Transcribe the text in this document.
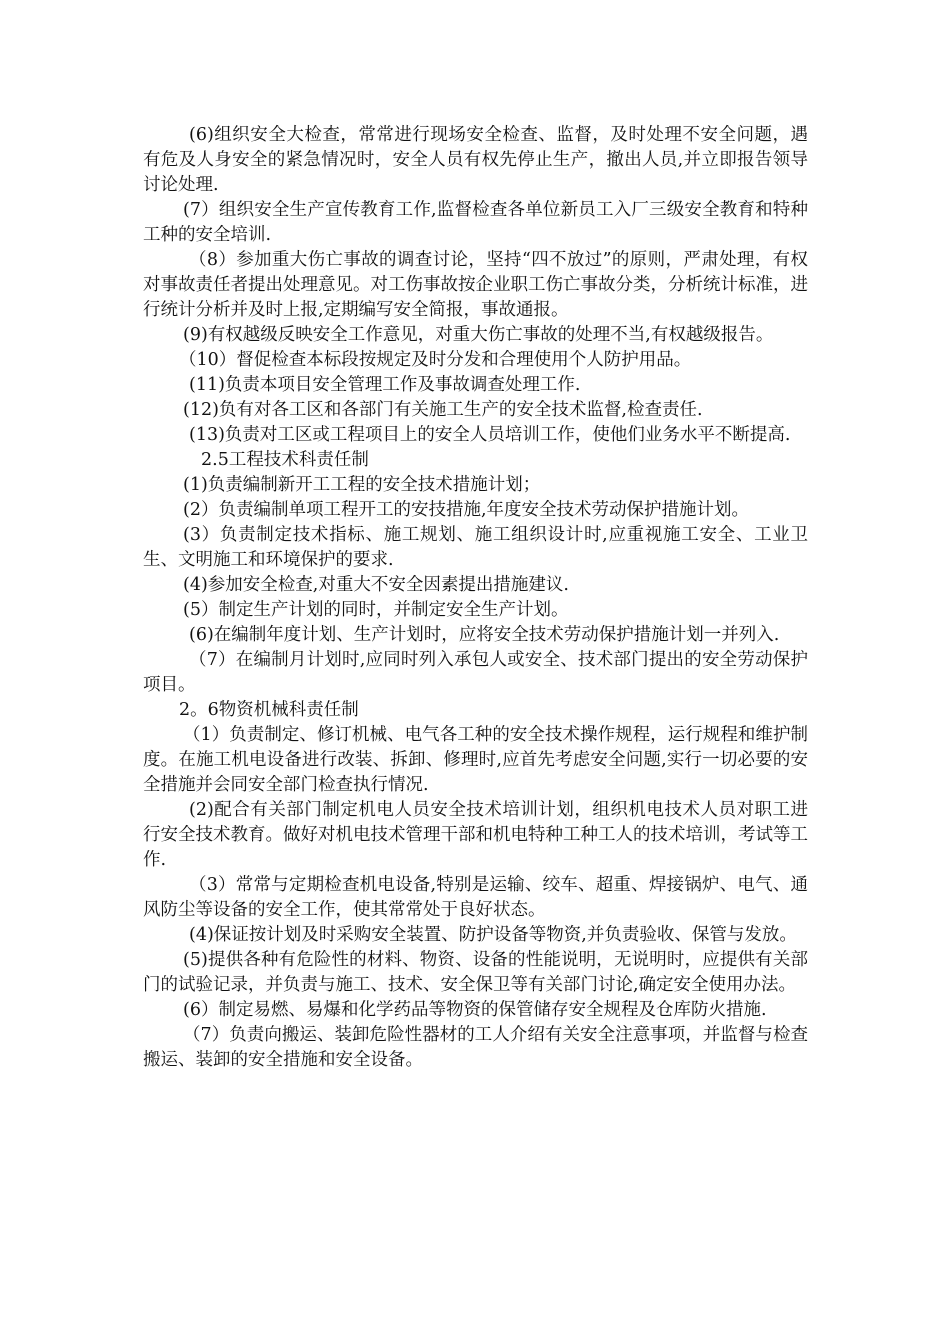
(6)组织安全大检查，常常进行现场安全检查、监督，及时处理不安全问题，遇有危及人身安全的紧急情况时，安全人员有权先停止生产，撤出人员,并立即报告领导讨论处理.

(7）组织安全生产宣传教育工作,监督检查各单位新员工入厂三级安全教育和特种工种的安全培训.

（8）参加重大伤亡事故的调查讨论，坚持“四不放过”的原则，严肃处理，有权对事故责任者提出处理意见。对工伤事故按企业职工伤亡事故分类，分析统计标准，进行统计分析并及时上报,定期编写安全简报，事故通报。

(9)有权越级反映安全工作意见，对重大伤亡事故的处理不当,有权越级报告。

（10）督促检查本标段按规定及时分发和合理使用个人防护用品。

(11)负责本项目安全管理工作及事故调查处理工作.

(12)负有对各工区和各部门有关施工生产的安全技术监督,检查责任.

(13)负责对工区或工程项目上的安全人员培训工作，使他们业务水平不断提高.

2.5工程技术科责任制

(1)负责编制新开工工程的安全技术措施计划；

(2）负责编制单项工程开工的安技措施,年度安全技术劳动保护措施计划。

(3）负责制定技术指标、施工规划、施工组织设计时,应重视施工安全、工业卫生、文明施工和环境保护的要求.

(4)参加安全检查,对重大不安全因素提出措施建议.

(5）制定生产计划的同时，并制定安全生产计划。

(6)在编制年度计划、生产计划时，应将安全技术劳动保护措施计划一并列入.

（7）在编制月计划时,应同时列入承包人或安全、技术部门提出的安全劳动保护项目。

2。6物资机械科责任制

（1）负责制定、修订机械、电气各工种的安全技术操作规程，运行规程和维护制度。在施工机电设备进行改装、拆卸、修理时,应首先考虑安全问题,实行一切必要的安全措施并会同安全部门检查执行情况.

(2)配合有关部门制定机电人员安全技术培训计划，组织机电技术人员对职工进行安全技术教育。做好对机电技术管理干部和机电特种工种工人的技术培训，考试等工作.

（3）常常与定期检查机电设备,特别是运输、绞车、超重、焊接锅炉、电气、通风防尘等设备的安全工作，使其常常处于良好状态。

(4)保证按计划及时采购安全装置、防护设备等物资,并负责验收、保管与发放。

(5)提供各种有危险性的材料、物资、设备的性能说明，无说明时，应提供有关部门的试验记录，并负责与施工、技术、安全保卫等有关部门讨论,确定安全使用办法。

(6）制定易燃、易爆和化学药品等物资的保管储存安全规程及仓库防火措施.

（7）负责向搬运、装卸危险性器材的工人介绍有关安全注意事项，并监督与检查搬运、装卸的安全措施和安全设备。
